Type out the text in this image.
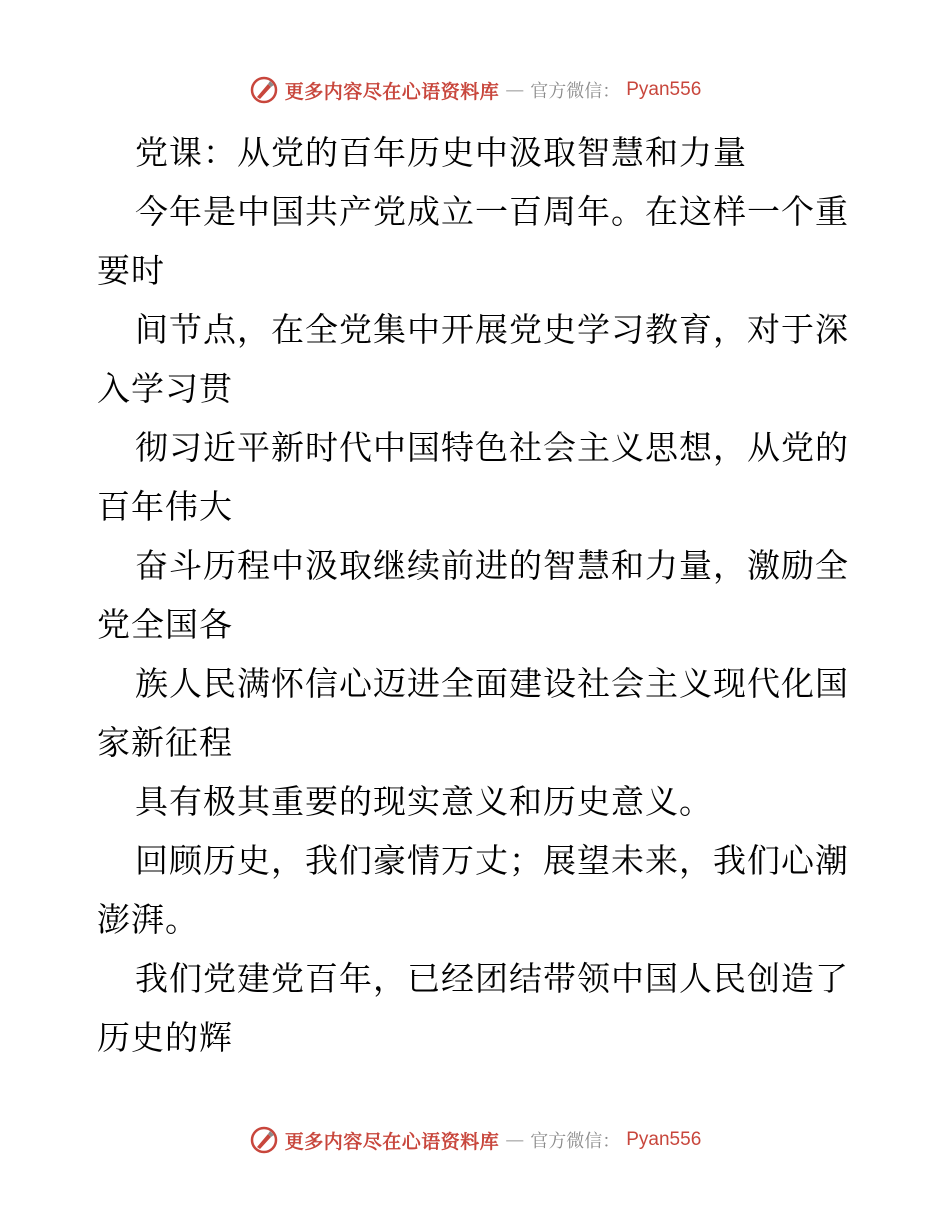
更多内容尽在心语资料库 — 官方微信： Pyan556
党课：从党的百年历史中汲取智慧和力量
今年是中国共产党成立一百周年。在这样一个重
要时
间节点，在全党集中开展党史学习教育，对于深
入学习贯
彻习近平新时代中国特色社会主义思想，从党的
百年伟大
奋斗历程中汲取继续前进的智慧和力量，激励全
党全国各
族人民满怀信心迈进全面建设社会主义现代化国
家新征程
具有极其重要的现实意义和历史意义。
回顾历史，我们豪情万丈；展望未来，我们心潮
澎湃。
我们党建党百年，已经团结带领中国人民创造了
历史的辉
更多内容尽在心语资料库 — 官方微信： Pyan556
